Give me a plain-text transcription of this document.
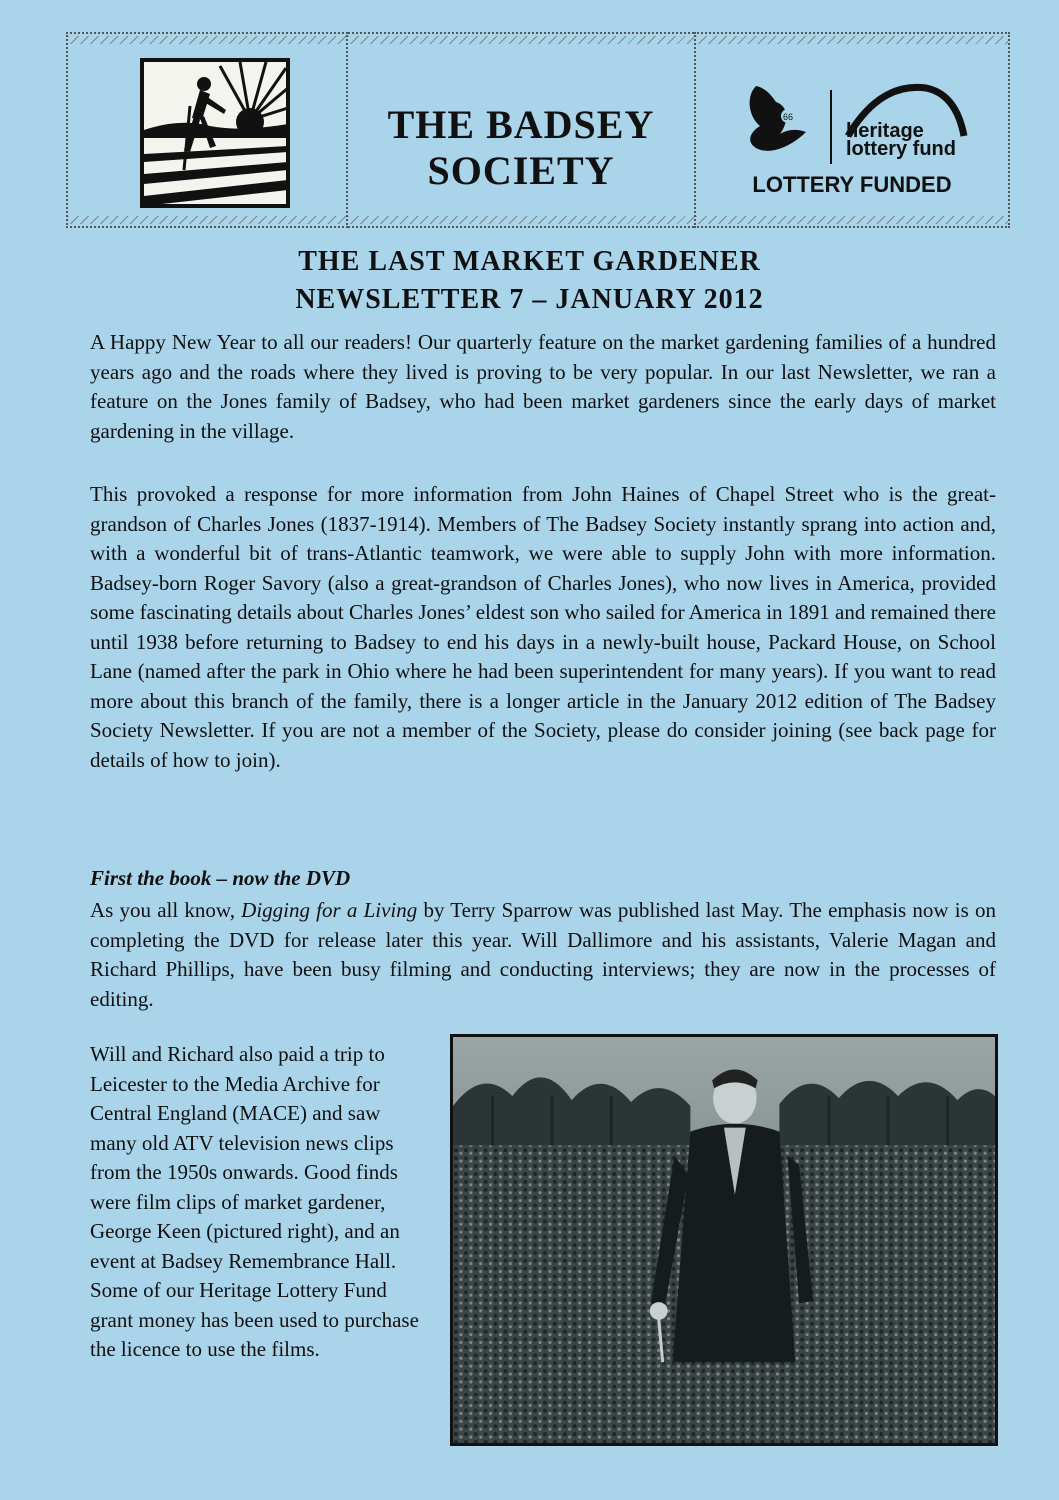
THE BADSEY SOCIETY
66
heritage
lottery fund
LOTTERY FUNDED
THE LAST MARKET GARDENER
NEWSLETTER 7 – JANUARY 2012

A Happy New Year to all our readers! Our quarterly feature on the market gardening families of a hundred years ago and the roads where they lived is proving to be very popular. In our last Newsletter, we ran a feature on the Jones family of Badsey, who had been market gardeners since the early days of market gardening in the village.

This provoked a response for more information from John Haines of Chapel Street who is the great-grandson of Charles Jones (1837-1914). Members of The Badsey Society instantly sprang into action and, with a wonderful bit of trans-Atlantic teamwork, we were able to supply John with more information. Badsey-born Roger Savory (also a great-grandson of Charles Jones), who now lives in America, provided some fascinating details about Charles Jones’ eldest son who sailed for America in 1891 and remained there until 1938 before returning to Badsey to end his days in a newly-built house, Packard House, on School Lane (named after the park in Ohio where he had been superintendent for many years). If you want to read more about this branch of the family, there is a longer article in the January 2012 edition of The Badsey Society Newsletter. If you are not a member of the Society, please do consider joining (see back page for details of how to join).

First the book – now the DVD

As you all know, Digging for a Living by Terry Sparrow was published last May. The emphasis now is on completing the DVD for release later this year. Will Dallimore and his assistants, Valerie Magan and Richard Phillips, have been busy filming and conducting interviews; they are now in the processes of editing.

Will and Richard also paid a trip to Leicester to the Media Archive for Central England (MACE) and saw many old ATV television news clips from the 1950s onwards. Good finds were film clips of market gardener, George Keen (pictured right), and an event at Badsey Remembrance Hall. Some of our Heritage Lottery Fund grant money has been used to purchase the licence to use the films.
